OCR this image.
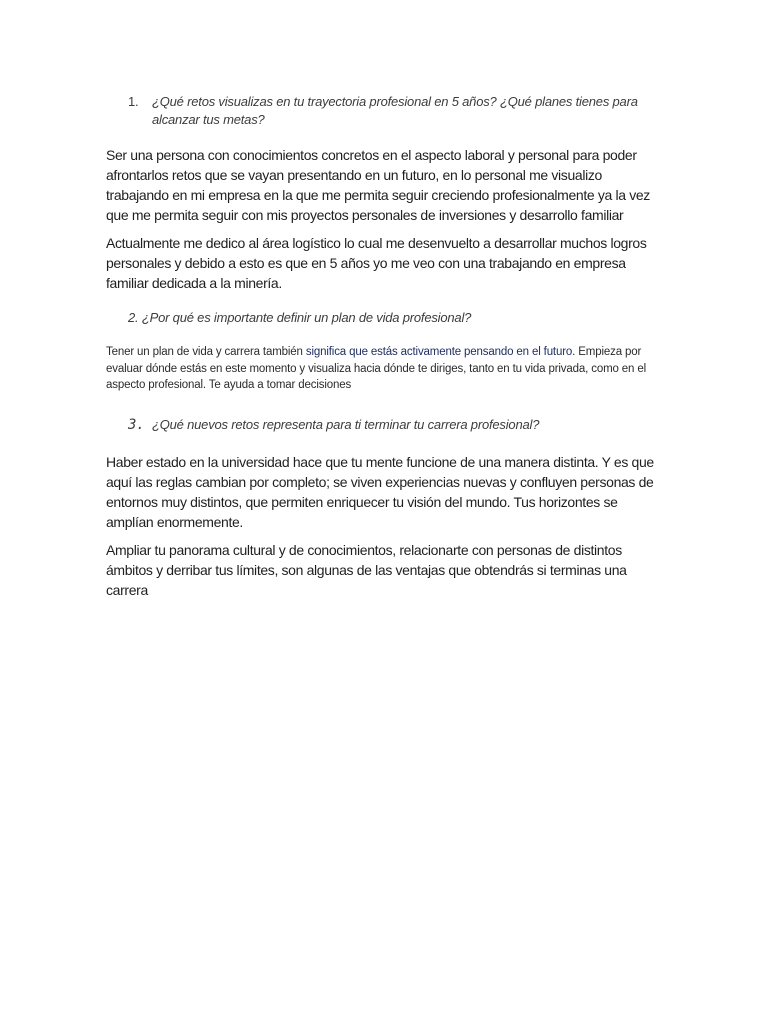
1. ¿Qué retos visualizas en tu trayectoria profesional en 5 años? ¿Qué planes tienes para alcanzar tus metas?

Ser una persona con conocimientos concretos en el aspecto laboral y personal para poder afrontarlos retos que se vayan presentando en un futuro, en lo personal me visualizo trabajando en mi empresa en la que me permita seguir creciendo profesionalmente ya la vez que me permita seguir con mis proyectos personales de inversiones y desarrollo familiar

Actualmente me dedico al área logístico lo cual me desenvuelto a desarrollar muchos logros personales y debido a esto es que en 5 años yo me veo con una trabajando en empresa familiar dedicada a la minería.

2. ¿Por qué es importante definir un plan de vida profesional?

Tener un plan de vida y carrera también significa que estás activamente pensando en el futuro. Empieza por evaluar dónde estás en este momento y visualiza hacia dónde te diriges, tanto en tu vida privada, como en el aspecto profesional. Te ayuda a tomar decisiones

3. ¿Qué nuevos retos representa para ti terminar tu carrera profesional?

Haber estado en la universidad hace que tu mente funcione de una manera distinta. Y es que aquí las reglas cambian por completo; se viven experiencias nuevas y confluyen personas de entornos muy distintos, que permiten enriquecer tu visión del mundo. Tus horizontes se amplían enormemente.

Ampliar tu panorama cultural y de conocimientos, relacionarte con personas de distintos ámbitos y derribar tus límites, son algunas de las ventajas que obtendrás si terminas una carrera
